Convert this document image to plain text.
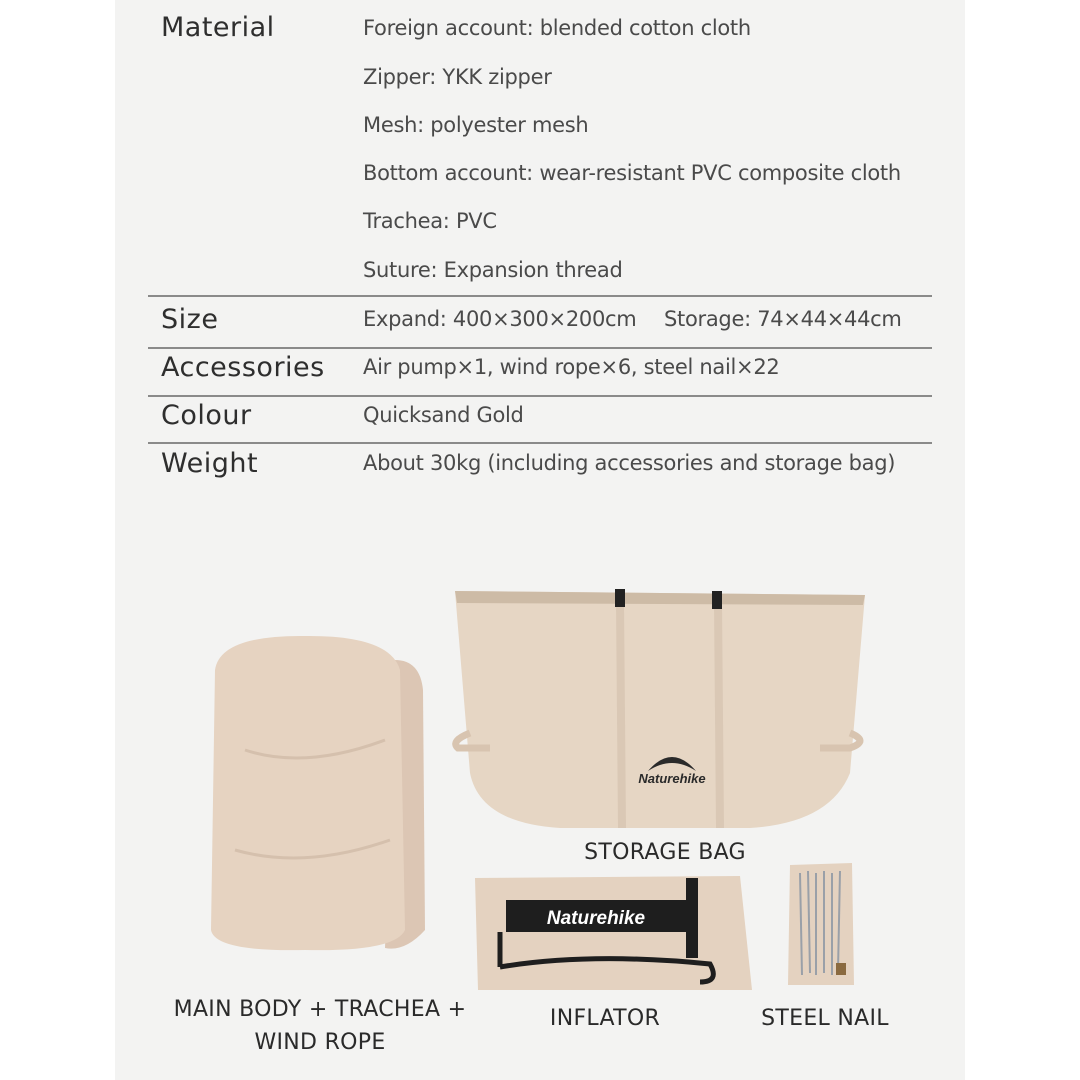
Material	Foreign account: blended cotton cloth
Zipper: YKK zipper
Mesh: polyester mesh
Bottom account: wear-resistant PVC composite cloth
Trachea: PVC
Suture: Expansion thread
Size	Expand: 400×300×200cm Storage: 74×44×44cm
Accessories Air pump×1, wind rope×6, steel nail×22
Colour	Quicksand Gold
Weight	About 30kg (including accessories and storage bag)
Naturehike
Naturehike
MAIN BODY + TRACHEA +
WIND ROPE
STORAGE BAG
INFLATOR	STEEL NAIL
